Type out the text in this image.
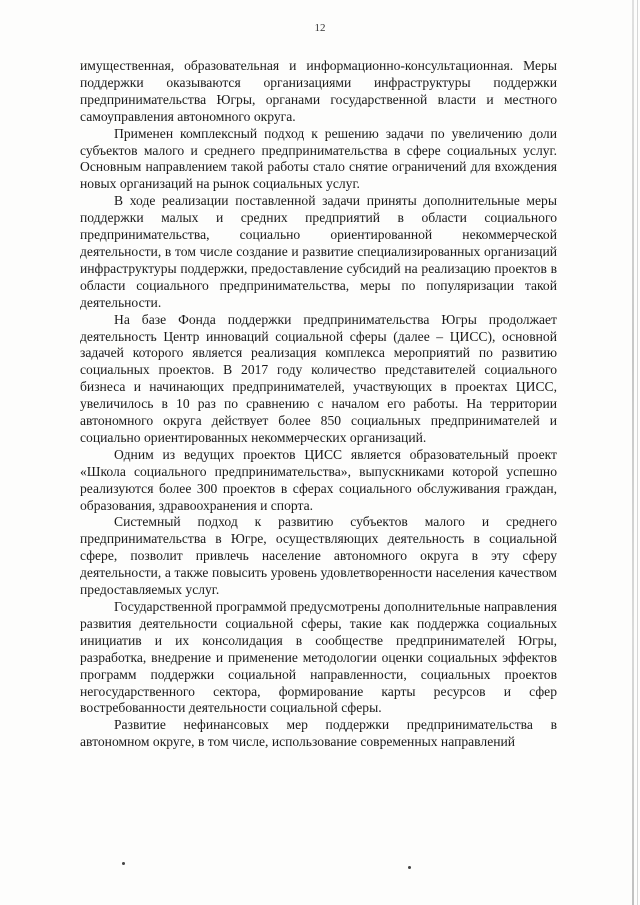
12

имущественная, образовательная и информационно-консультационная. Меры поддержки оказываются организациями инфраструктуры поддержки предпринимательства Югры, органами государственной власти и местного самоуправления автономного округа.

Применен комплексный подход к решению задачи по увеличению доли субъектов малого и среднего предпринимательства в сфере социальных услуг. Основным направлением такой работы стало снятие ограничений для вхождения новых организаций на рынок социальных услуг.

В ходе реализации поставленной задачи приняты дополнительные меры поддержки малых и средних предприятий в области социального предпринимательства, социально ориентированной некоммерческой деятельности, в том числе создание и развитие специализированных организаций инфраструктуры поддержки, предоставление субсидий на реализацию проектов в области социального предпринимательства, меры по популяризации такой деятельности.

На базе Фонда поддержки предпринимательства Югры продолжает деятельность Центр инноваций социальной сферы (далее – ЦИСС), основной задачей которого является реализация комплекса мероприятий по развитию социальных проектов. В 2017 году количество представителей социального бизнеса и начинающих предпринимателей, участвующих в проектах ЦИСС, увеличилось в 10 раз по сравнению с началом его работы. На территории автономного округа действует более 850 социальных предпринимателей и социально ориентированных некоммерческих организаций.

Одним из ведущих проектов ЦИСС является образовательный проект «Школа социального предпринимательства», выпускниками которой успешно реализуются более 300 проектов в сферах социального обслуживания граждан, образования, здравоохранения и спорта.

Системный подход к развитию субъектов малого и среднего предпринимательства в Югре, осуществляющих деятельность в социальной сфере, позволит привлечь население автономного округа в эту сферу деятельности, а также повысить уровень удовлетворенности населения качеством предоставляемых услуг.

Государственной программой предусмотрены дополнительные направления развития деятельности социальной сферы, такие как поддержка социальных инициатив и их консолидация в сообществе предпринимателей Югры, разработка, внедрение и применение методологии оценки социальных эффектов программ поддержки социальной направленности, социальных проектов негосударственного сектора, формирование карты ресурсов и сфер востребованности деятельности социальной сферы.

Развитие нефинансовых мер поддержки предпринимательства в автономном округе, в том числе, использование современных направлений
